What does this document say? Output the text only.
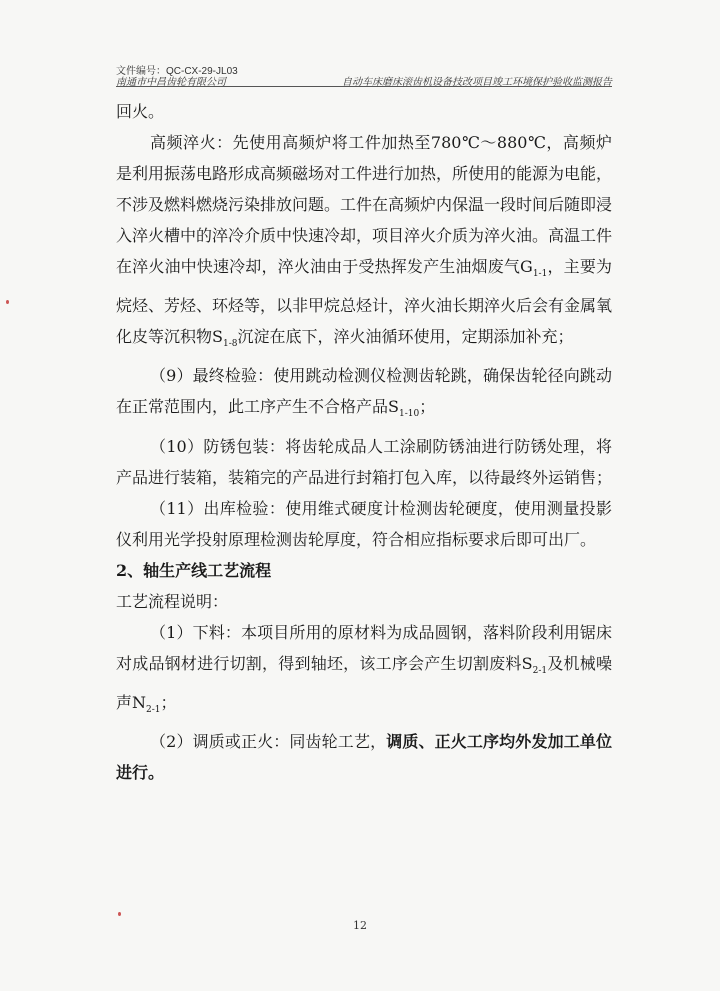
文件编号：QC-CX-29-JL03
南通市中昌齿轮有限公司	自动车床磨床滚齿机设备技改项目竣工环境保护验收监测报告

回火。

高频淬火：先使用高频炉将工件加热至780℃～880℃，高频炉是利用振荡电路形成高频磁场对工件进行加热，所使用的能源为电能，不涉及燃料燃烧污染排放问题。工件在高频炉内保温一段时间后随即浸入淬火槽中的淬冷介质中快速冷却，项目淬火介质为淬火油。高温工件在淬火油中快速冷却，淬火油由于受热挥发产生油烟废气$G_{1-1}$，主要为烷烃、芳烃、环烃等，以非甲烷总烃计，淬火油长期淬火后会有金属氧化皮等沉积物$S_{1-8}$沉淀在底下，淬火油循环使用，定期添加补充；

（9）最终检验：使用跳动检测仪检测齿轮跳，确保齿轮径向跳动在正常范围内，此工序产生不合格产品$S_{1-10}$；

（10）防锈包装：将齿轮成品人工涂刷防锈油进行防锈处理，将产品进行装箱，装箱完的产品进行封箱打包入库，以待最终外运销售；

（11）出库检验：使用维式硬度计检测齿轮硬度，使用测量投影仪利用光学投射原理检测齿轮厚度，符合相应指标要求后即可出厂。

2、轴生产线工艺流程

工艺流程说明：

（1）下料：本项目所用的原材料为成品圆钢，落料阶段利用锯床对成品钢材进行切割，得到轴坯，该工序会产生切割废料$S_{2-1}$及机械噪声$N_{2-1}$；

（2）调质或正火：同齿轮工艺，调质、正火工序均外发加工单位进行。

12
